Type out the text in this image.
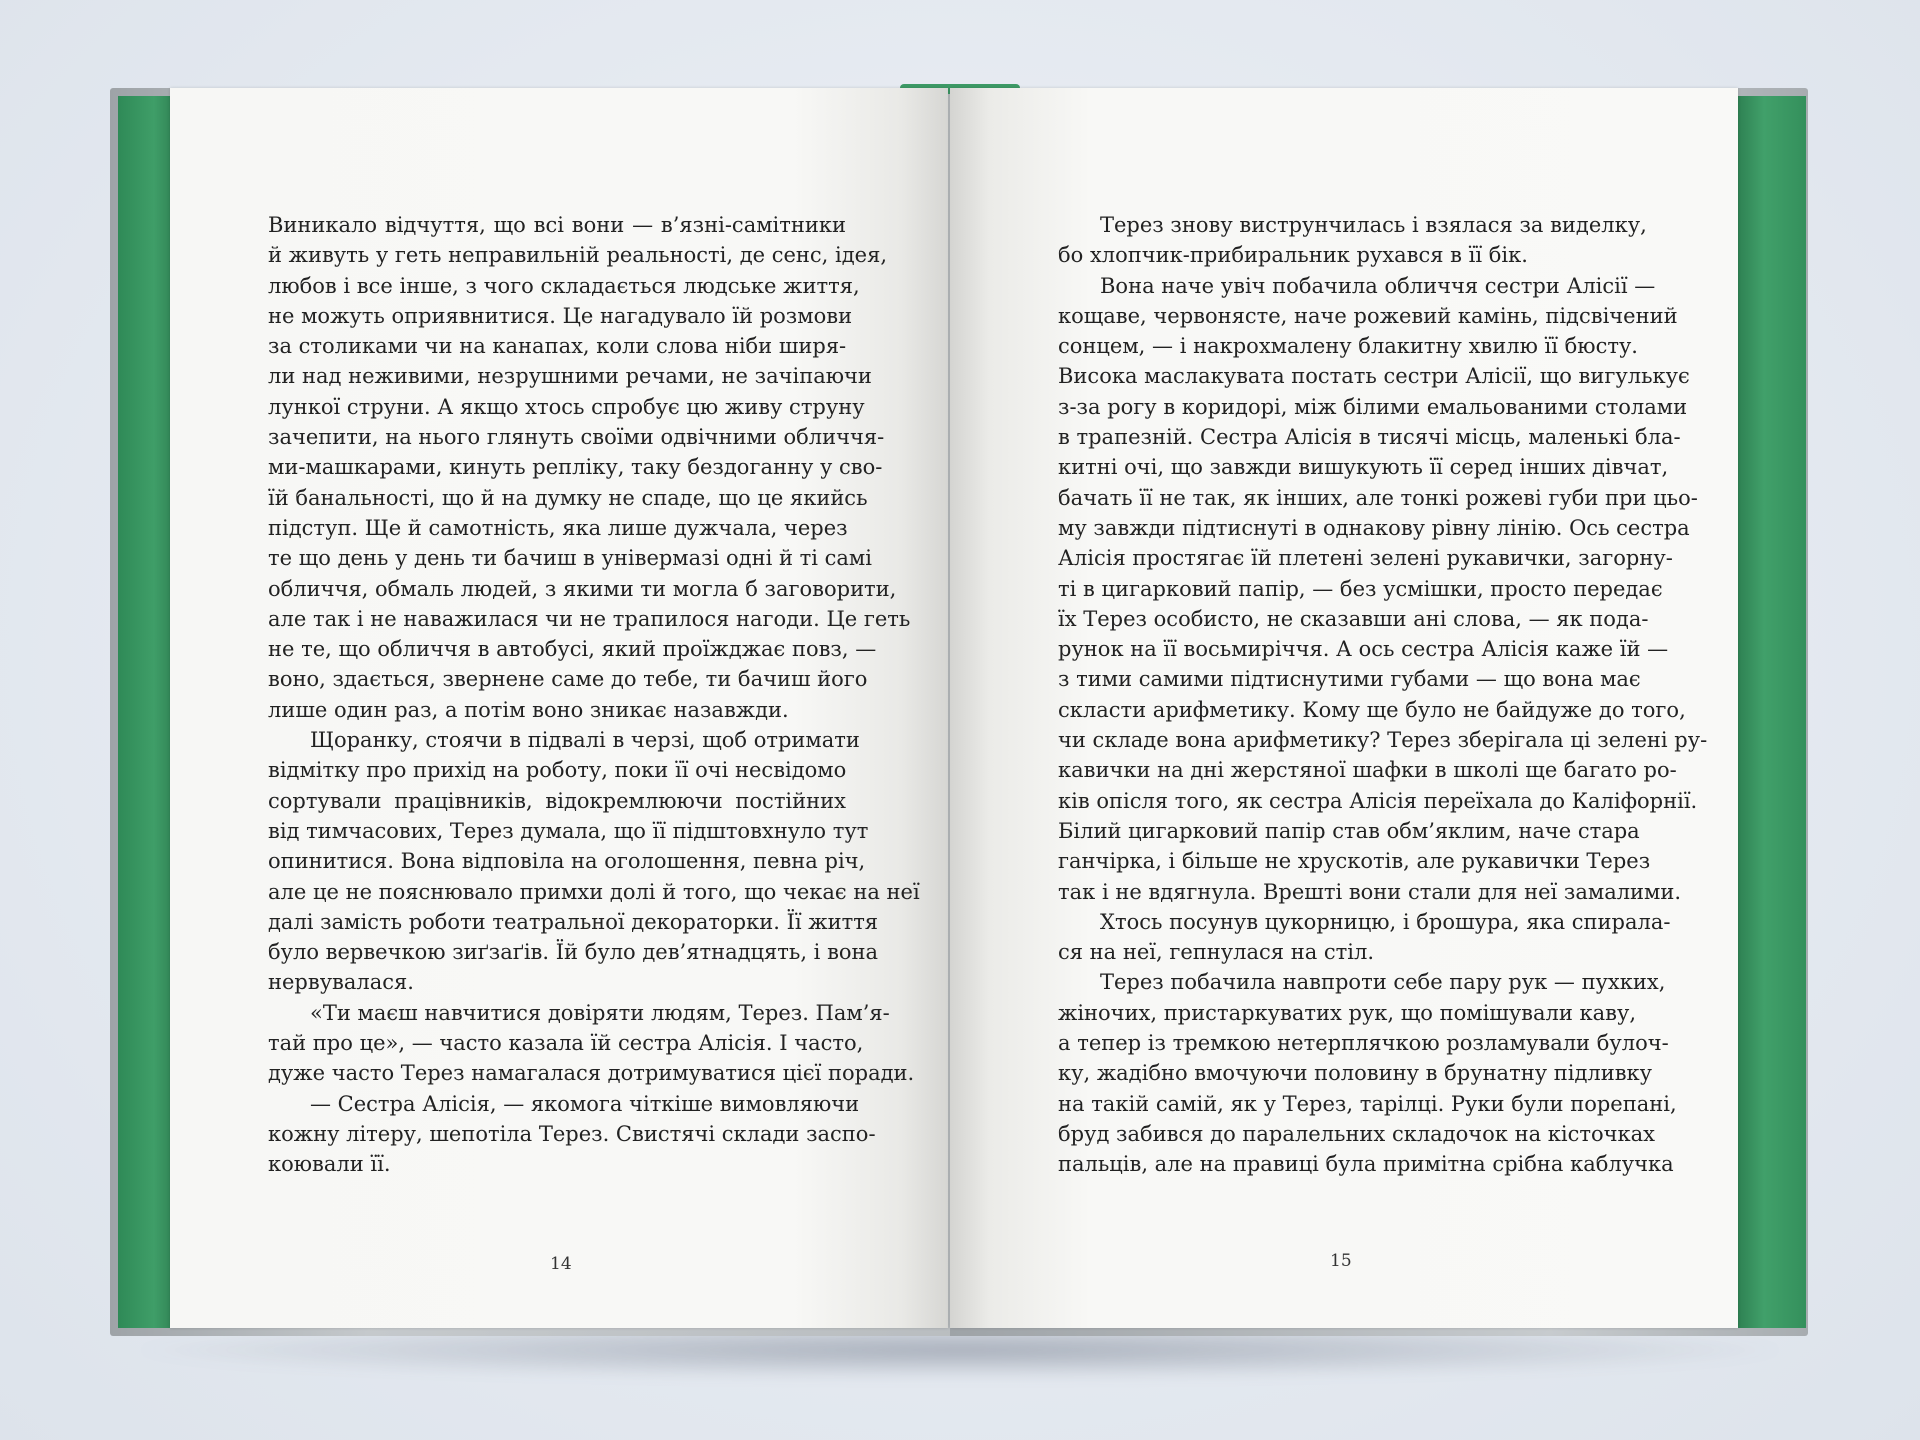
Виникало відчуття, що всі вони — в’язні-самітники
й живуть у геть неправильній реальності, де сенс, ідея,
любов і все інше, з чого складається людське життя,
не можуть оприявнитися. Це нагадувало їй розмови
за столиками чи на канапах, коли слова ніби ширя-
ли над неживими, незрушними речами, не зачіпаючи
лункої струни. А якщо хтось спробує цю живу струну
зачепити, на нього глянуть своїми одвічними обличчя-
ми-машкарами, кинуть репліку, таку бездоганну у сво-
їй банальності, що й на думку не спаде, що це якийсь
підступ. Ще й самотність, яка лише дужчала, через
те що день у день ти бачиш в універмазі одні й ті самі
обличчя, обмаль людей, з якими ти могла б заговорити,
але так і не наважилася чи не трапилося нагоди. Це геть
не те, що обличчя в автобусі, який проїжджає повз, —
воно, здається, звернене саме до тебе, ти бачиш його
лише один раз, а потім воно зникає назавжди.
Щоранку, стоячи в підвалі в черзі, щоб отримати
відмітку про прихід на роботу, поки її очі несвідомо
сортували працівників, відокремлюючи постійних
від тимчасових, Терез думала, що її підштовхнуло тут
опинитися. Вона відповіла на оголошення, певна річ,
але це не пояснювало примхи долі й того, що чекає на неї
далі замість роботи театральної декораторки. Її життя
було вервечкою зиґзаґів. Їй було дев’ятнадцять, і вона
нервувалася.
«Ти маєш навчитися довіряти людям, Терез. Пам’я-
тай про це», — часто казала їй сестра Алісія. І часто,
дуже часто Терез намагалася дотримуватися цієї поради.
— Сестра Алісія, — якомога чіткіше вимовляючи
кожну літеру, шепотіла Терез. Свистячі склади заспо-
коювали її.
14
Терез знову виструнчилась і взялася за виделку,
бо хлопчик-прибиральник рухався в її бік.
Вона наче увіч побачила обличчя сестри Алісії —
кощаве, червонясте, наче рожевий камінь, підсвічений
сонцем, — і накрохмалену блакитну хвилю її бюсту.
Висока маслакувата постать сестри Алісії, що вигулькує
з-за рогу в коридорі, між білими емальованими столами
в трапезній. Сестра Алісія в тисячі місць, маленькі бла-
китні очі, що завжди вишукують її серед інших дівчат,
бачать її не так, як інших, але тонкі рожеві губи при цьо-
му завжди підтиснуті в однакову рівну лінію. Ось сестра
Алісія простягає їй плетені зелені рукавички, загорну-
ті в цигарковий папір, — без усмішки, просто передає
їх Терез особисто, не сказавши ані слова, — як пода-
рунок на її восьмиріччя. А ось сестра Алісія каже їй —
з тими самими підтиснутими губами — що вона має
скласти арифметику. Кому ще було не байдуже до того,
чи складе вона арифметику? Терез зберігала ці зелені ру-
кавички на дні жерстяної шафки в школі ще багато ро-
ків опісля того, як сестра Алісія переїхала до Каліфорнії.
Білий цигарковий папір став обм’яклим, наче стара
ганчірка, і більше не хрускотів, але рукавички Терез
так і не вдягнула. Врешті вони стали для неї замалими.
Хтось посунув цукорницю, і брошура, яка спирала-
ся на неї, гепнулася на стіл.
Терез побачила навпроти себе пару рук — пухких,
жіночих, пристаркуватих рук, що помішували каву,
а тепер із тремкою нетерплячкою розламували булоч-
ку, жадібно вмочуючи половину в брунатну підливку
на такій самій, як у Терез, тарілці. Руки були порепані,
бруд забився до паралельних складочок на кісточках
пальців, але на правиці була примітна срібна каблучка
15
